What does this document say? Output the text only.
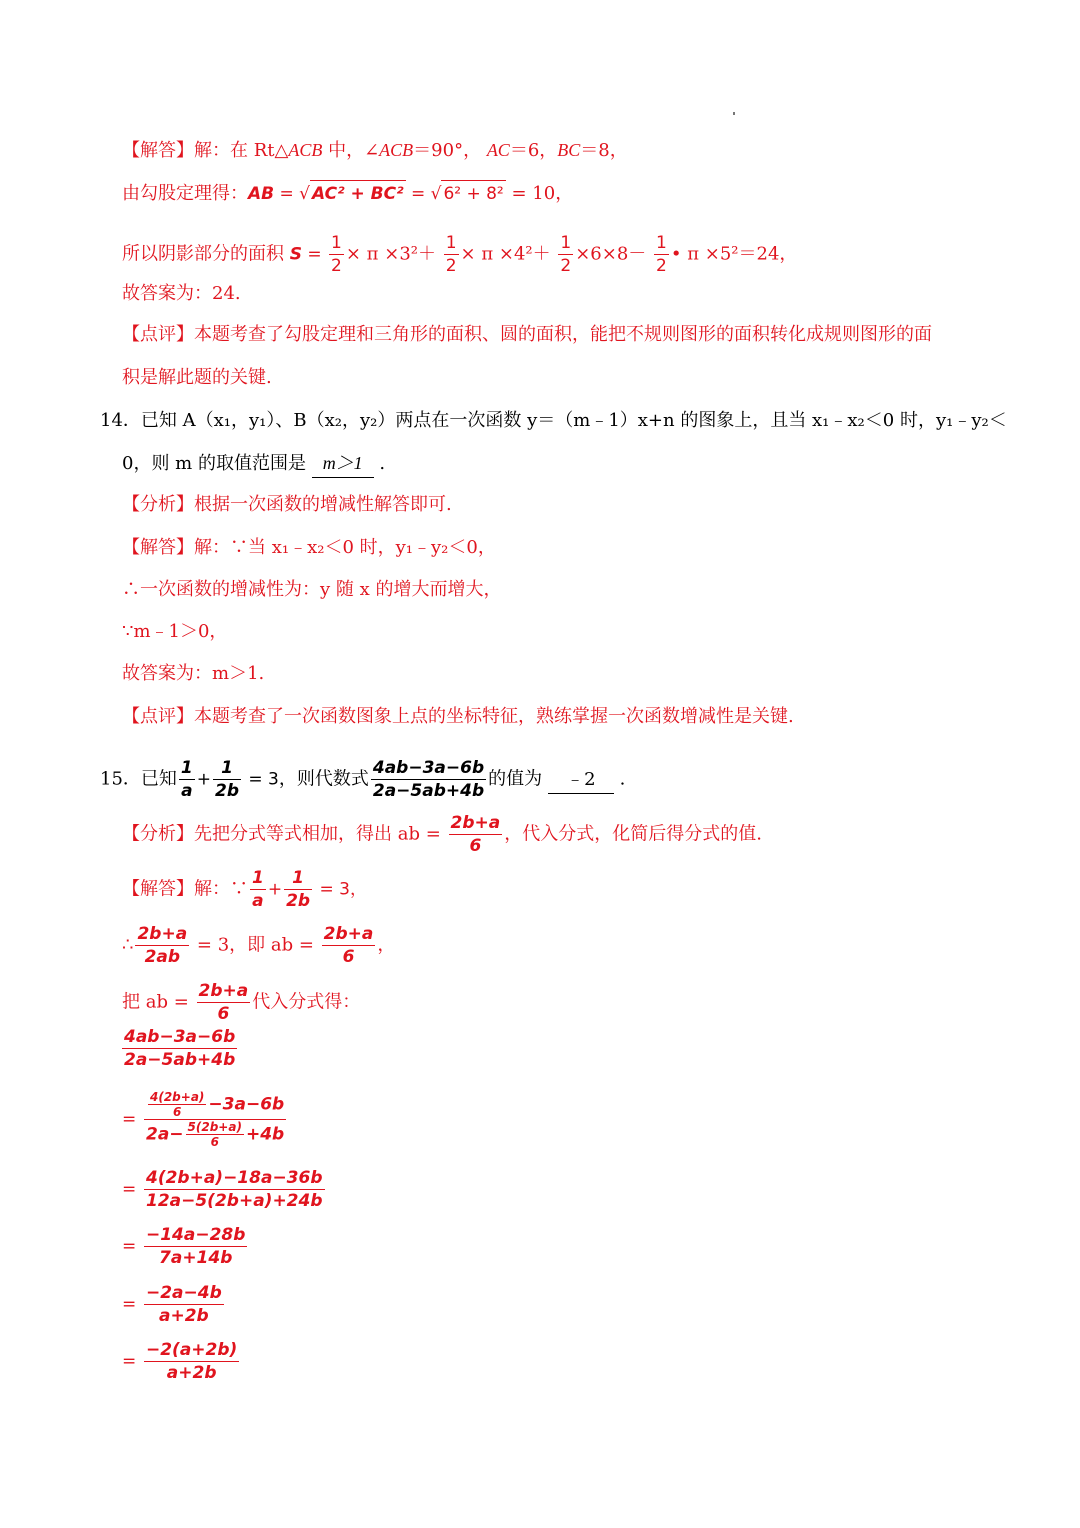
【解答】解：在 Rt△ACB 中，∠ACB＝90°， AC＝6，BC＝8，
由勾股定理得：AB = √ AC² + BC² = √ 6² + 8² = 10，
所以阴影部分的面积 $S = \frac{1}{2} \times \pi \times 3^2+ \frac{1}{2} \times \pi \times 4^2+ \frac{1}{2} \times 6\times 8- \frac{1}{2}$ • π ×5²＝24，
故答案为：24.
【点评】本题考查了勾股定理和三角形的面积、圆的面积，能把不规则图形的面积转化成规则图形的面
积是解此题的关键.
14．已知 A（x₁，y₁）、B（x₂，y₂）两点在一次函数 y＝（m﹣1）x+n 的图象上，且当 x₁﹣x₂＜0 时，y₁﹣y₂＜
0，则 m 的取值范围是 m＞1 .
【分析】根据一次函数的增减性解答即可.
【解答】解：∵当 x₁﹣x₂＜0 时，y₁﹣y₂＜0，
∴一次函数的增减性为：y 随 x 的增大而增大，
∵m﹣1＞0，
故答案为：m＞1.
【点评】本题考查了一次函数图象上点的坐标特征，熟练掌握一次函数增减性是关键.
15．已知 $\frac{1}{a} + \frac{1}{2b} = 3$，则代数式 $\frac{4ab-3a-6b}{2a-5ab+4b}$ 的值为 ﹣2 .
【分析】先把分式等式相加，得出 ab = $\frac{2b+a}{6}$ ，代入分式，化简后得分式的值.
【解答】解：∵ $\frac{1}{a} + \frac{1}{2b} = 3$，
∴ $\frac{2b+a}{2ab} = 3$，即 ab = $\frac{2b+a}{6}$ ，
把 ab = $\frac{2b+a}{6}$ 代入分式得：
$\frac{4ab-3a-6b}{2a-5ab+4b}$
= $\frac{\frac{4(2b+a)}{6} -3a-6b}{2a- \frac{5(2b+a)}{6} +4b}$
= $\frac{4(2b+a)-18a-36b}{12a-5(2b+a)+24b}$
= $\frac{-14a-28b}{7a+14b}$
= $\frac{-2a-4b}{a+2b}$
= $\frac{-2(a+2b)}{a+2b}$
